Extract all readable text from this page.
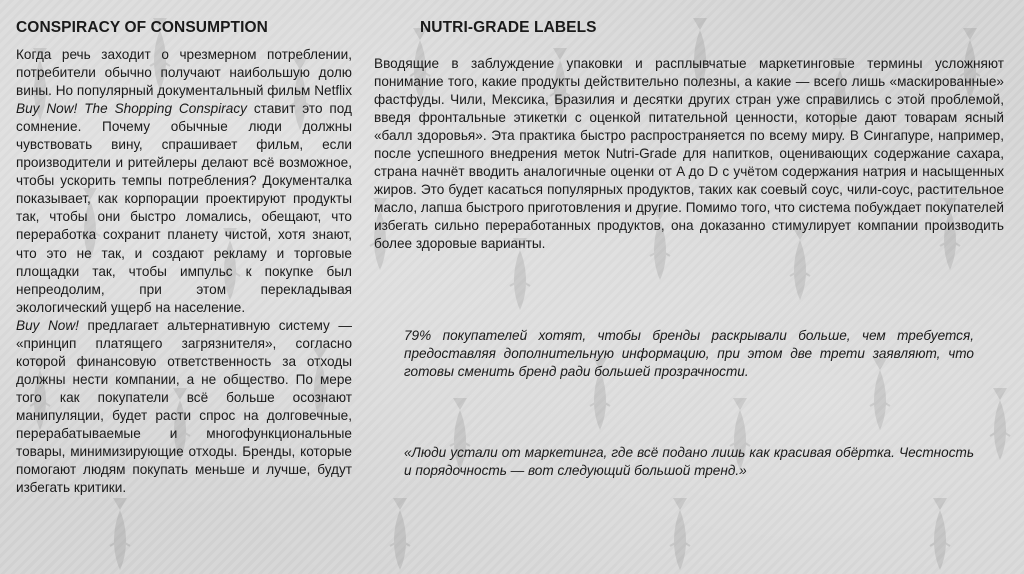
CONSPIRACY OF CONSUMPTION
Когда речь заходит о чрезмерном потреблении, потребители обычно получают наибольшую долю вины. Но популярный документальный фильм Netflix Buy Now! The Shopping Conspiracy ставит это под сомнение. Почему обычные люди должны чувствовать вину, спрашивает фильм, если производители и ритейлеры делают всё возможное, чтобы ускорить темпы потребления? Документалка показывает, как корпорации проектируют продукты так, чтобы они быстро ломались, обещают, что переработка сохранит планету чистой, хотя знают, что это не так, и создают рекламу и торговые площадки так, чтобы импульс к покупке был непреодолим, при этом перекладывая экологический ущерб на население.
Buy Now! предлагает альтернативную систему — «принцип платящего загрязнителя», согласно которой финансовую ответственность за отходы должны нести компании, а не общество. По мере того как покупатели всё больше осознают манипуляции, будет расти спрос на долговечные, перерабатываемые и многофункциональные товары, минимизирующие отходы. Бренды, которые помогают людям покупать меньше и лучше, будут избегать критики.
NUTRI-GRADE LABELS

Вводящие в заблуждение упаковки и расплывчатые маркетинговые термины усложняют понимание того, какие продукты действительно полезны, а какие — всего лишь «маскированные» фастфуды. Чили, Мексика, Бразилия и десятки других стран уже справились с этой проблемой, введя фронтальные этикетки с оценкой питательной ценности, которые дают товарам ясный «балл здоровья». Эта практика быстро распространяется по всему миру. В Сингапуре, например, после успешного внедрения меток Nutri-Grade для напитков, оценивающих содержание сахара, страна начнёт вводить аналогичные оценки от A до D с учётом содержания натрия и насыщенных жиров. Это будет касаться популярных продуктов, таких как соевый соус, чили-соус, растительное масло, лапша быстрого приготовления и другие. Помимо того, что система побуждает покупателей избегать сильно переработанных продуктов, она доказанно стимулирует компании производить более здоровые варианты.

79% покупателей хотят, чтобы бренды раскрывали больше, чем требуется, предоставляя дополнительную информацию, при этом две трети заявляют, что готовы сменить бренд ради большей прозрачности.
«Люди устали от маркетинга, где всё подано лишь как красивая обёртка. Честность и порядочность — вот следующий большой тренд.»
